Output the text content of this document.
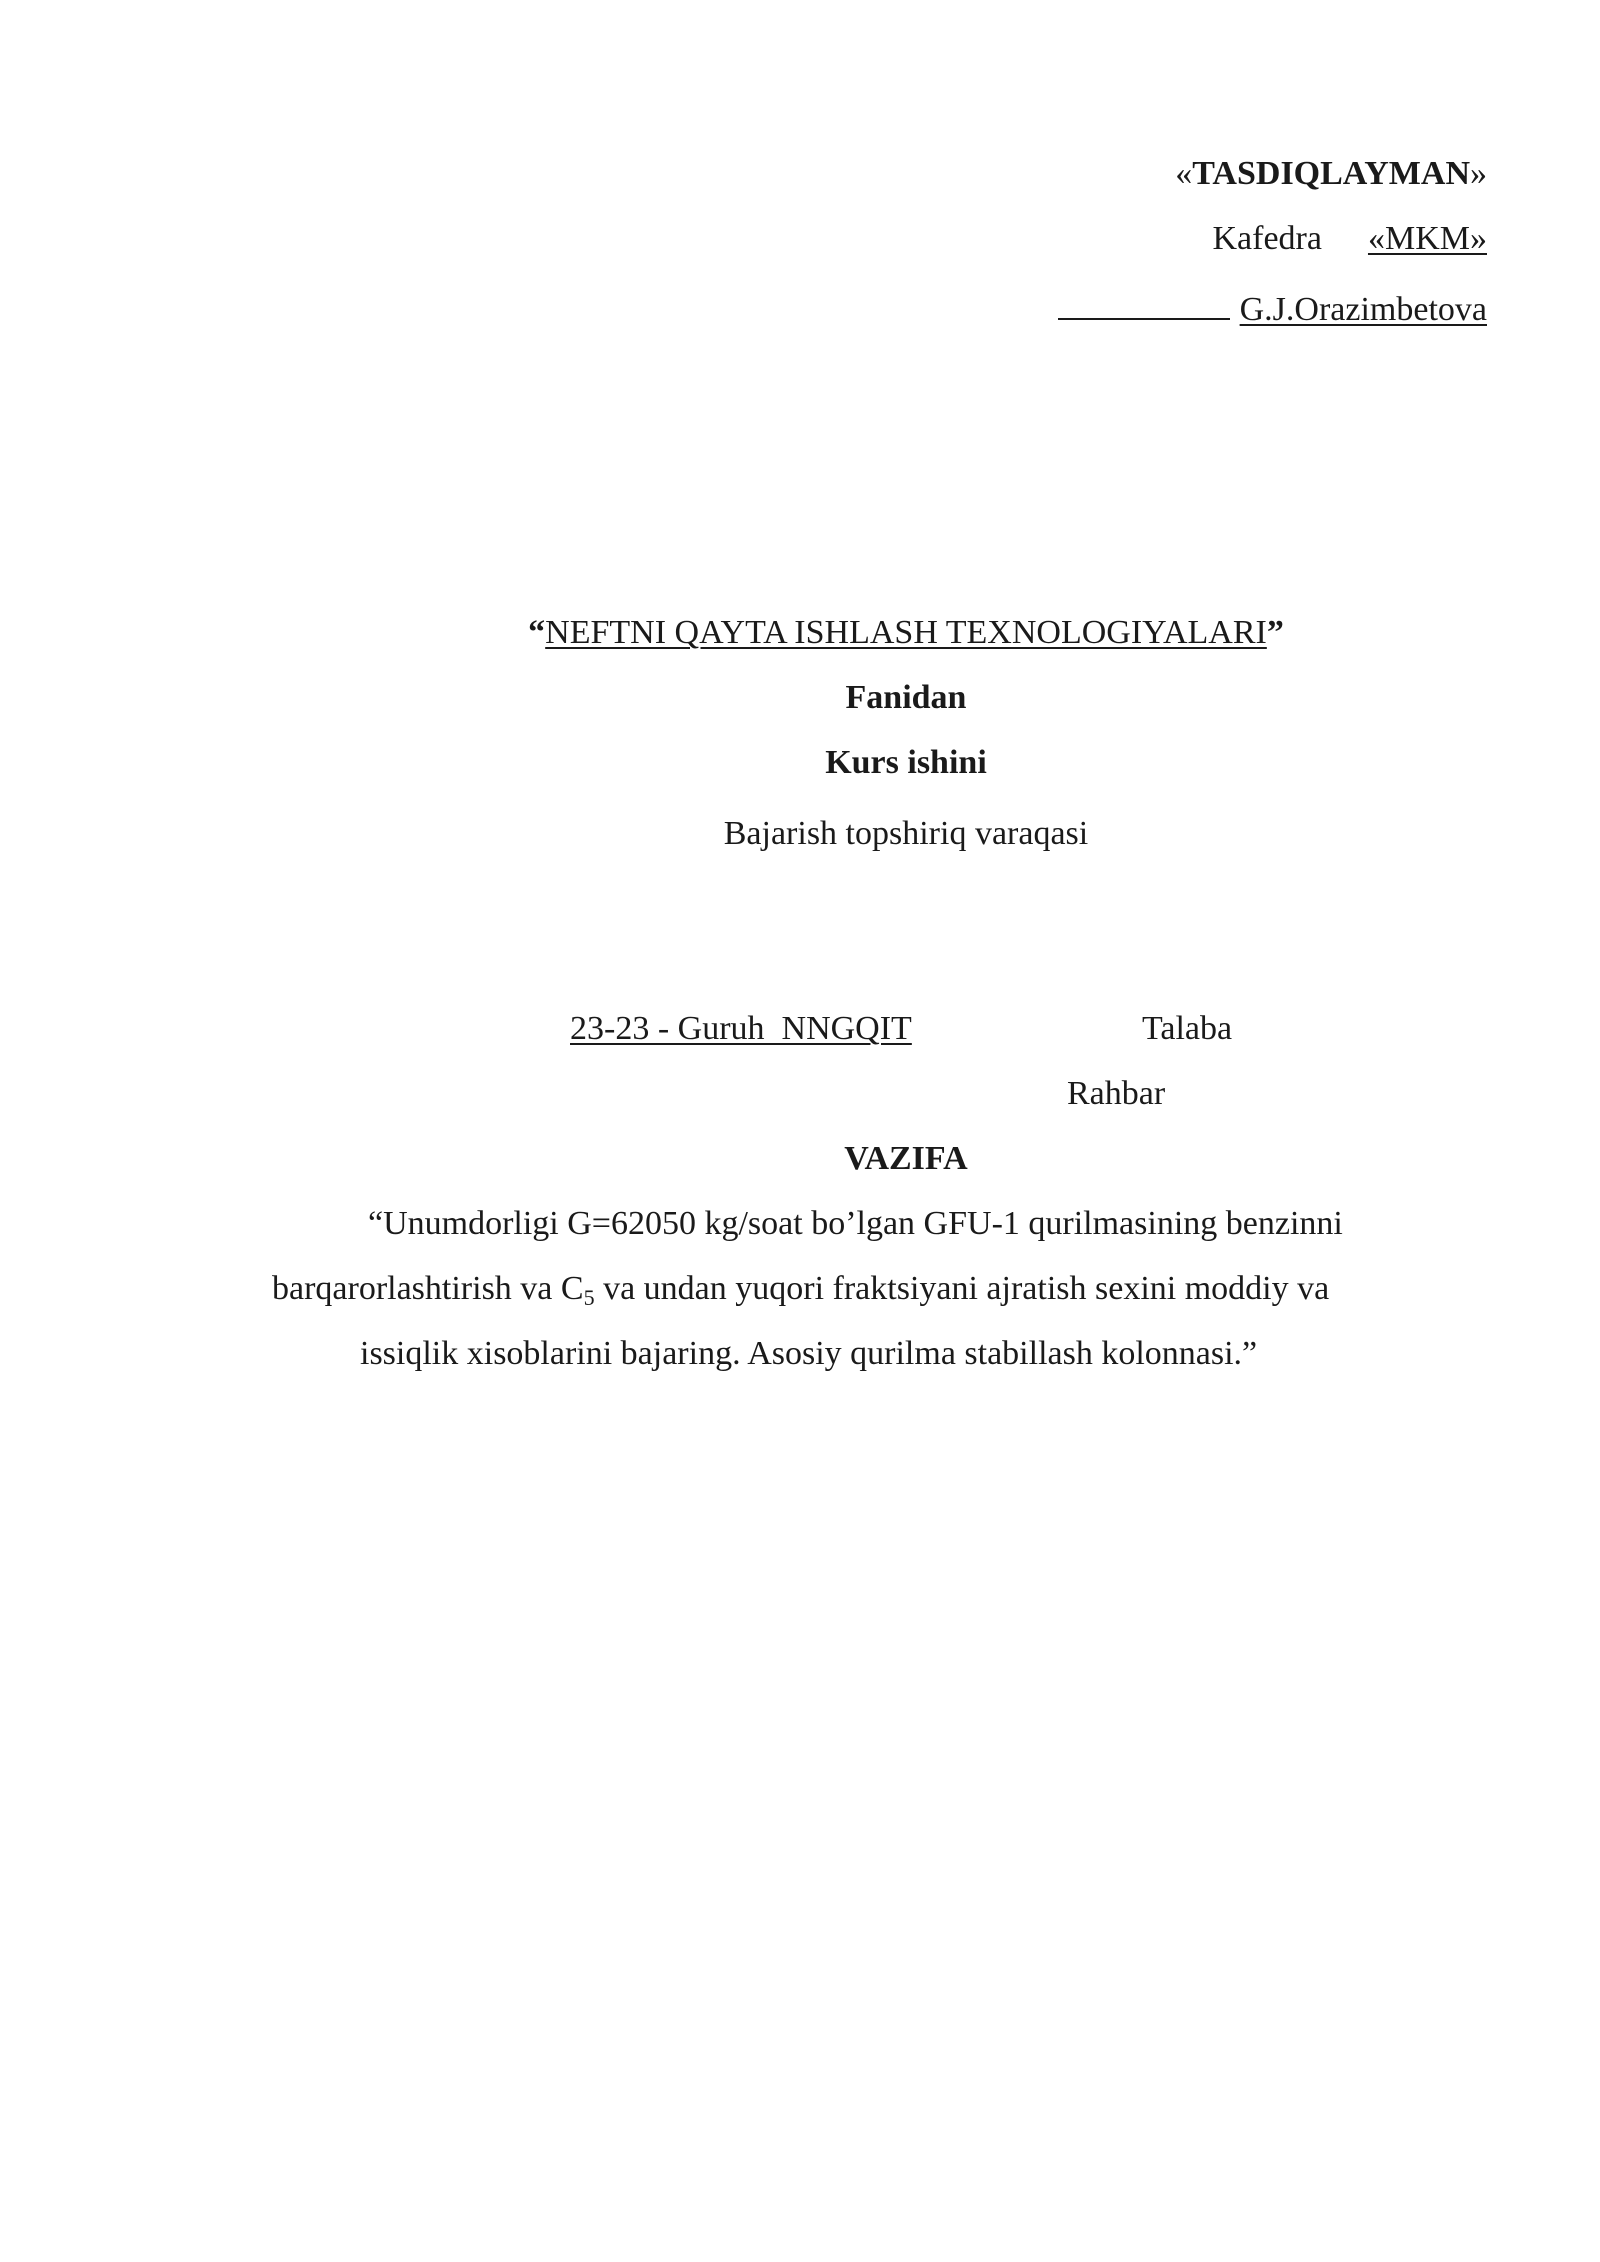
«TASDIQLAYMAN»
Kafedra «MKM»
G.J.Orazimbetova
“NEFTNI QAYTA ISHLASH TEXNOLOGIYALARI”
Fanidan
Kurs ishini
Bajarish topshiriq varaqasi
23-23 - Guruh  NNGQIT	Talaba
Rahbar
VAZIFA
“Unumdorligi G=62050 kg/soat bo’lgan GFU-1 qurilmasining benzinni
barqarorlashtirish va $C_5$ va undan yuqori fraktsiyani ajratish sexini moddiy va
issiqlik xisoblarini bajaring. Asosiy qurilma stabillash kolonnasi.”
